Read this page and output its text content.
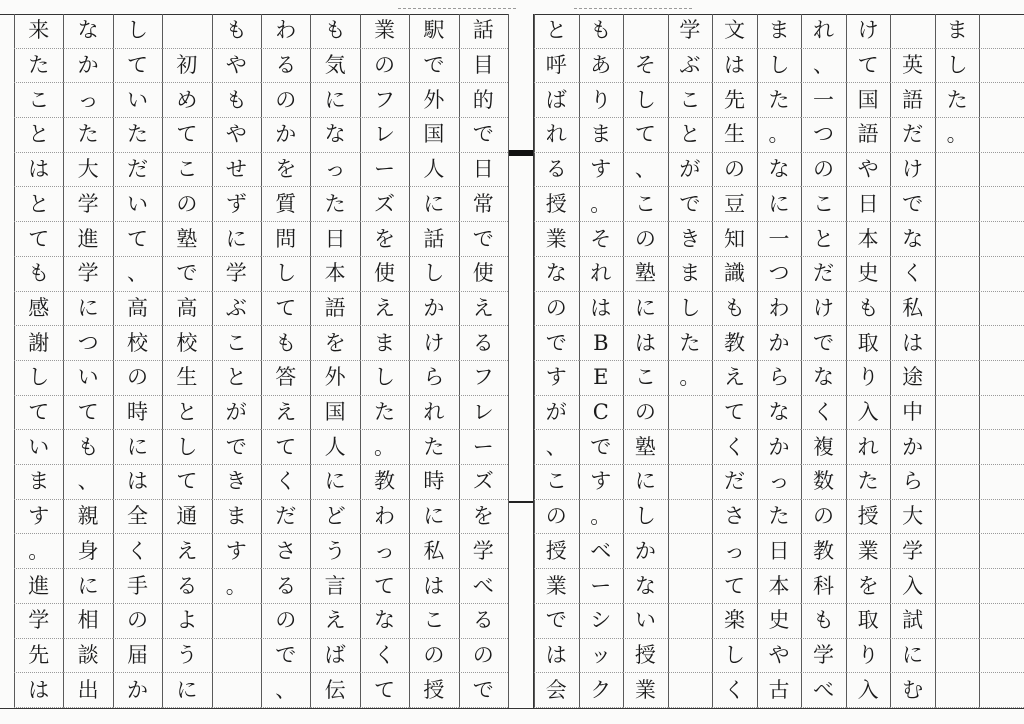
来
た
こ
と
は
と
て
も
感
謝
し
て
い
ま
す
。
進
学
先
は
な
か
っ
た
大
学
進
学
に
つ
い
て
も
、
親
身
に
相
談
出
し
て
い
た
だ
い
て
、
高
校
の
時
に
は
全
く
手
の
届
か
初
め
て
こ
の
塾
で
高
校
生
と
し
て
通
え
る
よ
う
に
も
や
も
や
せ
ず
に
学
ぶ
こ
と
が
で
き
ま
す
。
わ
る
の
か
を
質
問
し
て
も
答
え
て
く
だ
さ
る
の
で
、
も
気
に
な
っ
た
日
本
語
を
外
国
人
に
ど
う
言
え
ば
伝
業
の
フ
レ
ー
ズ
を
使
え
ま
し
た
。
教
わ
っ
て
な
く
て
駅
で
外
国
人
に
話
し
か
け
ら
れ
た
時
に
私
は
こ
の
授
話
目
的
で
日
常
で
使
え
る
フ
レ
ー
ズ
を
学
べ
る
の
で
と
呼
ば
れ
る
授
業
な
の
で
す
が
、
こ
の
授
業
で
は
会
も
あ
り
ま
す
。
そ
れ
は
B
E
C
で
す
。
ベ
ー
シ
ッ
ク
そ
し
て
、
こ
の
塾
に
は
こ
の
塾
に
し
か
な
い
授
業
学
ぶ
こ
と
が
で
き
ま
し
た
。
文
は
先
生
の
豆
知
識
も
教
え
て
く
だ
さ
っ
て
楽
し
く
ま
し
た
。
な
に
一
つ
わ
か
ら
な
か
っ
た
日
本
史
や
古
れ
、
一
つ
の
こ
と
だ
け
で
な
く
複
数
の
教
科
も
学
べ
け
て
国
語
や
日
本
史
も
取
り
入
れ
た
授
業
を
取
り
入
英
語
だ
け
で
な
く
私
は
途
中
か
ら
大
学
入
試
に
む
ま
し
た
。
